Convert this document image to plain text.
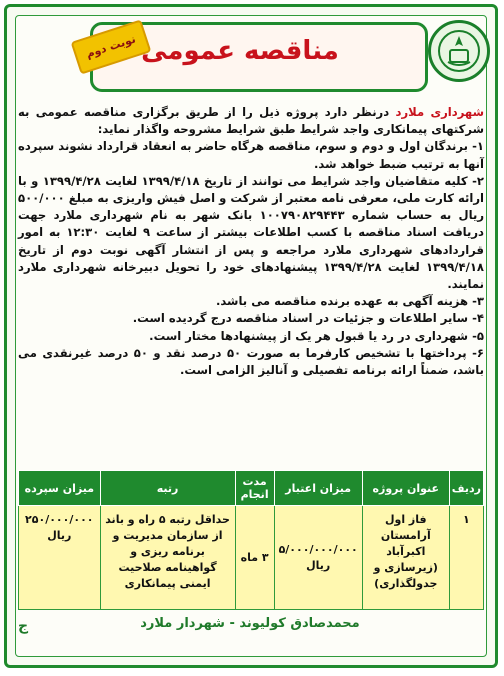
نوبت دوم مناقصه عمومی

شهرداری ملارد درنظر دارد پروژه ذیل را از طریق برگزاری مناقصه عمومی به شرکتهای پیمانکاری واجد شرایط طبق شرایط مشروحه واگذار نماید:

۱- برندگان اول و دوم و سوم، مناقصه هرگاه حاضر به انعقاد قرارداد نشوند سپرده آنها به ترتیب ضبط خواهد شد.

۲- کلیه متقاضیان واجد شرایط می توانند از تاریخ ۱۳۹۹/۴/۱۸ لغایت ۱۳۹۹/۴/۲۸ و با ارائه کارت ملی، معرفی نامه معتبر از شرکت و اصل فیش واریزی به مبلغ ۵۰۰/۰۰۰ ریال به حساب شماره ۱۰۰۷۹۰۸۲۹۴۴۳ بانک شهر به نام شهرداری ملارد جهت دریافت اسناد مناقصه با کسب اطلاعات بیشتر از ساعت ۹ لغایت ۱۲:۳۰ به امور قراردادهای شهرداری ملارد مراجعه و پس از انتشار آگهی نوبت دوم از تاریخ ۱۳۹۹/۴/۱۸ لغایت ۱۳۹۹/۴/۲۸ پیشنهادهای خود را تحویل دبیرخانه شهرداری ملارد نمایند.

۳- هزینه آگهی به عهده برنده مناقصه می باشد.

۴- سایر اطلاعات و جزئیات در اسناد مناقصه درج گردیده است.

۵- شهرداری در رد یا قبول هر یک از پیشنهادها مختار است.

۶- پرداختها با تشخیص کارفرما به صورت ۵۰ درصد نقد و ۵۰ درصد غیرنقدی می باشد، ضمناً ارائه برنامه تفصیلی و آنالیز الزامی است.

ردیف	عنوان پروژه	میزان اعتبار	مدت انجام	رتبه	میزان سپرده
۱	فاز اول آرامستان اکبرآباد (زیرسازی و جدولگذاری)	۵/۰۰۰/۰۰۰/۰۰۰ ریال	۳ ماه	حداقل رتبه ۵ راه و باند از سازمان مدیریت و برنامه ریزی و گواهینامه صلاحیت ایمنی پیمانکاری	۲۵۰/۰۰۰/۰۰۰ ریال
محمدصادق کولیوند - شهردار ملارد
ج
